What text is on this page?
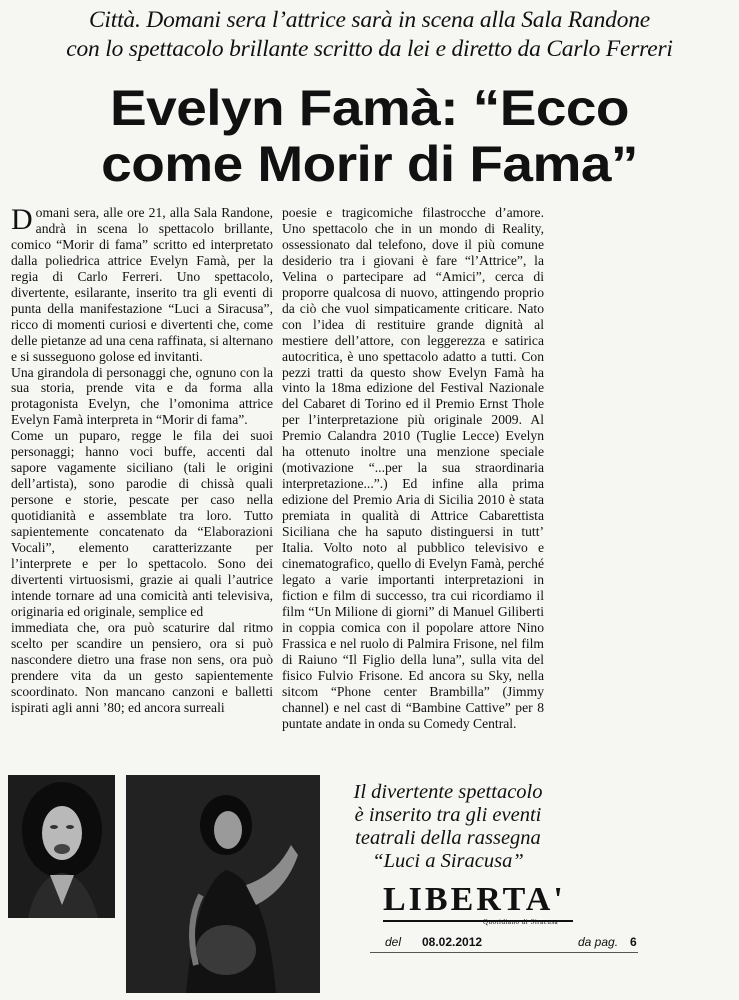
Città. Domani sera l’attrice sarà in scena alla Sala Randone
con lo spettacolo brillante scritto da lei e diretto da Carlo Ferreri
Evelyn Famà: “Ecco
come Morir di Fama”

Domani sera, alle ore 21, alla Sala Randone, andrà in scena lo spettacolo brillante, comico “Morir di fama” scritto ed interpretato dalla poliedrica attrice Evelyn Famà, per la regia di Carlo Ferreri. Uno spettacolo, divertente, esilarante, inserito tra gli eventi di punta della manifestazione “Luci a Siracusa”, ricco di momenti curiosi e divertenti che, come delle pietanze ad una cena raffinata, si alternano e si susseguono golose ed invitanti.

Una girandola di personaggi che, ognuno con la sua storia, prende vita e da forma alla protagonista Evelyn, che l’omonima attrice Evelyn Famà interpreta in “Morir di fama”.

Come un puparo, regge le fila dei suoi personaggi; hanno voci buffe, accenti dal sapore vagamente siciliano (tali le origini dell’artista), sono parodie di chissà quali persone e storie, pescate per caso nella quotidianità e assemblate tra loro. Tutto sapientemente concatenato da “Elaborazioni Vocali”, elemento caratterizzante per l’interprete e per lo spettacolo. Sono dei divertenti virtuosismi, grazie ai quali l’autrice intende tornare ad una comicità anti televisiva, originaria ed originale, semplice ed

immediata che, ora può scaturire dal ritmo scelto per scandire un pensiero, ora si può nascondere dietro una frase non sens, ora può prendere vita da un gesto sapientemente scoordinato. Non mancano canzoni e balletti ispirati agli anni ’80; ed ancora surreali

poesie e tragicomiche filastrocche d’amore. Uno spettacolo che in un mondo di Reality, ossessionato dal telefono, dove il più comune desiderio tra i giovani è fare “l’Attrice”, la Velina o partecipare ad “Amici”, cerca di proporre qualcosa di nuovo, attingendo proprio da ciò che vuol simpaticamente criticare. Nato con l’idea di restituire grande dignità al mestiere dell’attore, con leggerezza e satirica autocritica, è uno spettacolo adatto a tutti. Con pezzi tratti da questo show Evelyn Famà ha vinto la 18ma edizione del Festival Nazionale del Cabaret di Torino ed il Premio Ernst Thole per l’interpretazione più originale 2009. Al Premio Calandra 2010 (Tuglie Lecce) Evelyn ha ottenuto inoltre una menzione speciale (motivazione “...per la sua straordinaria interpretazione...”.) Ed infine alla prima edizione del Premio Aria di Sicilia 2010 è stata premiata in qualità di Attrice Cabarettista Siciliana che ha saputo distinguersi in tutt’ Italia. Volto noto al pubblico televisivo e cinematografico, quello di Evelyn Famà, perché legato a varie importanti interpretazioni in fiction e film di successo, tra cui ricordiamo il film “Un Milione di giorni” di Manuel Giliberti in coppia comica con il popolare attore Nino Frassica e nel ruolo di Palmira Frisone, nel film di Raiuno “Il Figlio della luna”, sulla vita del fisico Fulvio Frisone. Ed ancora su Sky, nella sitcom “Phone center Brambilla” (Jimmy channel) e nel cast di “Bambine Cattive” per 8 puntate andate in onda su Comedy Central.

Il divertente spettacolo
è inserito tra gli eventi
teatrali della rassegna
“Luci a Siracusa”
LIBERTA'
Quotidiano di Siracusa
del 08.02.2012	da pag. 6
